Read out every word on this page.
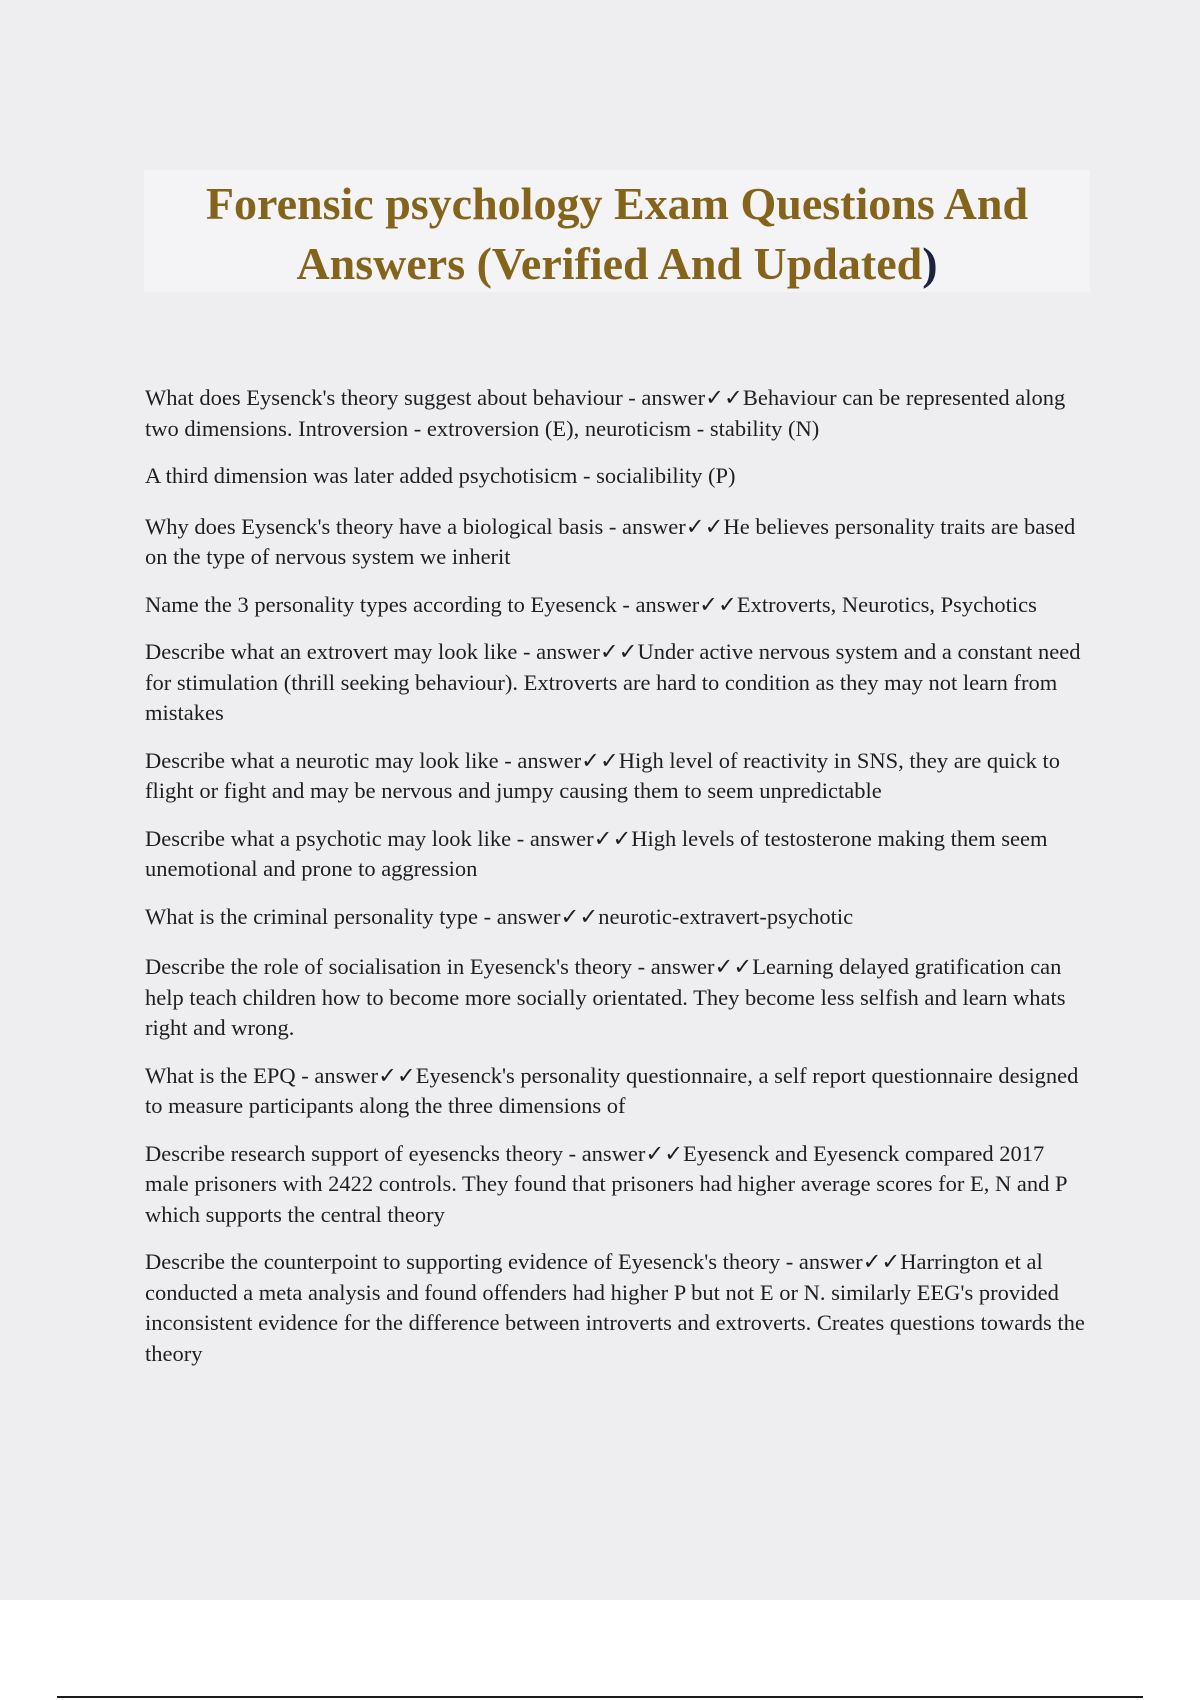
Forensic psychology Exam Questions And Answers (Verified And Updated)

What does Eysenck's theory suggest about behaviour - answer✓✓Behaviour can be represented along two dimensions. Introversion - extroversion (E), neuroticism - stability (N)

A third dimension was later added psychotisicm - socialibility (P)

Why does Eysenck's theory have a biological basis - answer✓✓He believes personality traits are based on the type of nervous system we inherit

Name the 3 personality types according to Eyesenck - answer✓✓Extroverts, Neurotics, Psychotics

Describe what an extrovert may look like - answer✓✓Under active nervous system and a constant need for stimulation (thrill seeking behaviour). Extroverts are hard to condition as they may not learn from mistakes

Describe what a neurotic may look like - answer✓✓High level of reactivity in SNS, they are quick to flight or fight and may be nervous and jumpy causing them to seem unpredictable

Describe what a psychotic may look like - answer✓✓High levels of testosterone making them seem unemotional and prone to aggression

What is the criminal personality type - answer✓✓neurotic-extravert-psychotic

Describe the role of socialisation in Eyesenck's theory - answer✓✓Learning delayed gratification can help teach children how to become more socially orientated. They become less selfish and learn whats right and wrong.

What is the EPQ - answer✓✓Eyesenck's personality questionnaire, a self report questionnaire designed to measure participants along the three dimensions of

Describe research support of eyesencks theory - answer✓✓Eyesenck and Eyesenck compared 2017 male prisoners with 2422 controls. They found that prisoners had higher average scores for E, N and P which supports the central theory

Describe the counterpoint to supporting evidence of Eyesenck's theory - answer✓✓Harrington et al conducted a meta analysis and found offenders had higher P but not E or N. similarly EEG's provided inconsistent evidence for the difference between introverts and extroverts. Creates questions towards the theory
